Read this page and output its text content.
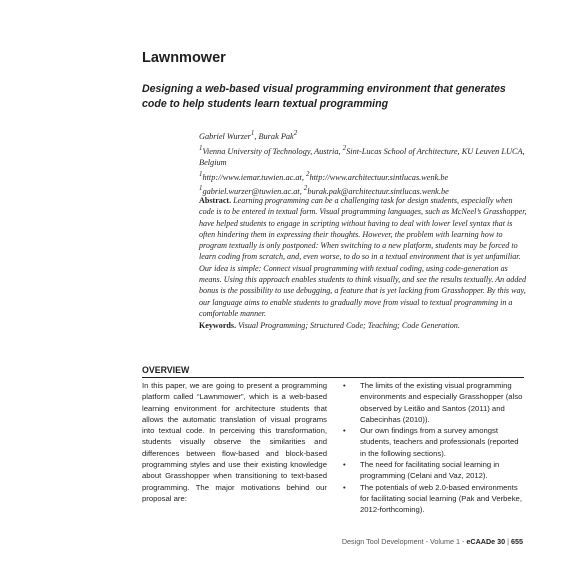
Lawnmower
Designing a web-based visual programming environment that generates code to help students learn textual programming
Gabriel Wurzer$^1$, Burak Pak$^2$
$^1$Vienna University of Technology, Austria, $^2$Sint-Lucas School of Architecture, KU Leuven LUCA, Belgium
$^1$http://www.iemar.tuwien.ac.at, $^2$http://www.architectuur.sintlucas.wenk.be
$^1$gabriel.wurzer@tuwien.ac.at, $^2$burak.pak@architectuur.sintlucas.wenk.be
Abstract. Learning programming can be a challenging task for design students, especially when code is to be entered in textual form. Visual programming languages, such as McNeel’s Grasshopper, have helped students to engage in scripting without having to deal with lower level syntax that is often hindering them in expressing their thoughts. However, the problem with learning how to program textually is only postponed: When switching to a new platform, students may be forced to learn coding from scratch, and, even worse, to do so in a textual environment that is yet unfamiliar. Our idea is simple: Connect visual programming with textual coding, using code-generation as means. Using this approach enables students to think visually, and see the results textually. An added bonus is the possibility to use debugging, a feature that is yet lacking from Grasshopper. By this way, our language aims to enable students to gradually move from visual to textual programming in a comfortable manner.
Keywords. Visual Programming; Structured Code; Teaching; Code Generation.
OVERVIEW
In this paper, we are going to present a programming platform called “Lawnmower”, which is a web-based learning environment for architecture students that allows the automatic translation of visual programs into textual code. In perceiving this transformation, students visually observe the similarities and differences between flow-based and block-based programming styles and use their existing knowledge about Grasshopper when transitioning to text-based programming. The major motivations behind our proposal are:
• The limits of the existing visual programming environments and especially Grasshopper (also observed by Leitão and Santos (2011) and Cabecinhas (2010)).
• Our own findings from a survey amongst students, teachers and professionals (reported in the following sections).
• The need for facilitating social learning in programming (Celani and Vaz, 2012).
• The potentials of web 2.0-based environments for facilitating social learning (Pak and Verbeke, 2012-forthcoming).
Design Tool Development - Volume 1 - eCAADe 30 | 655
